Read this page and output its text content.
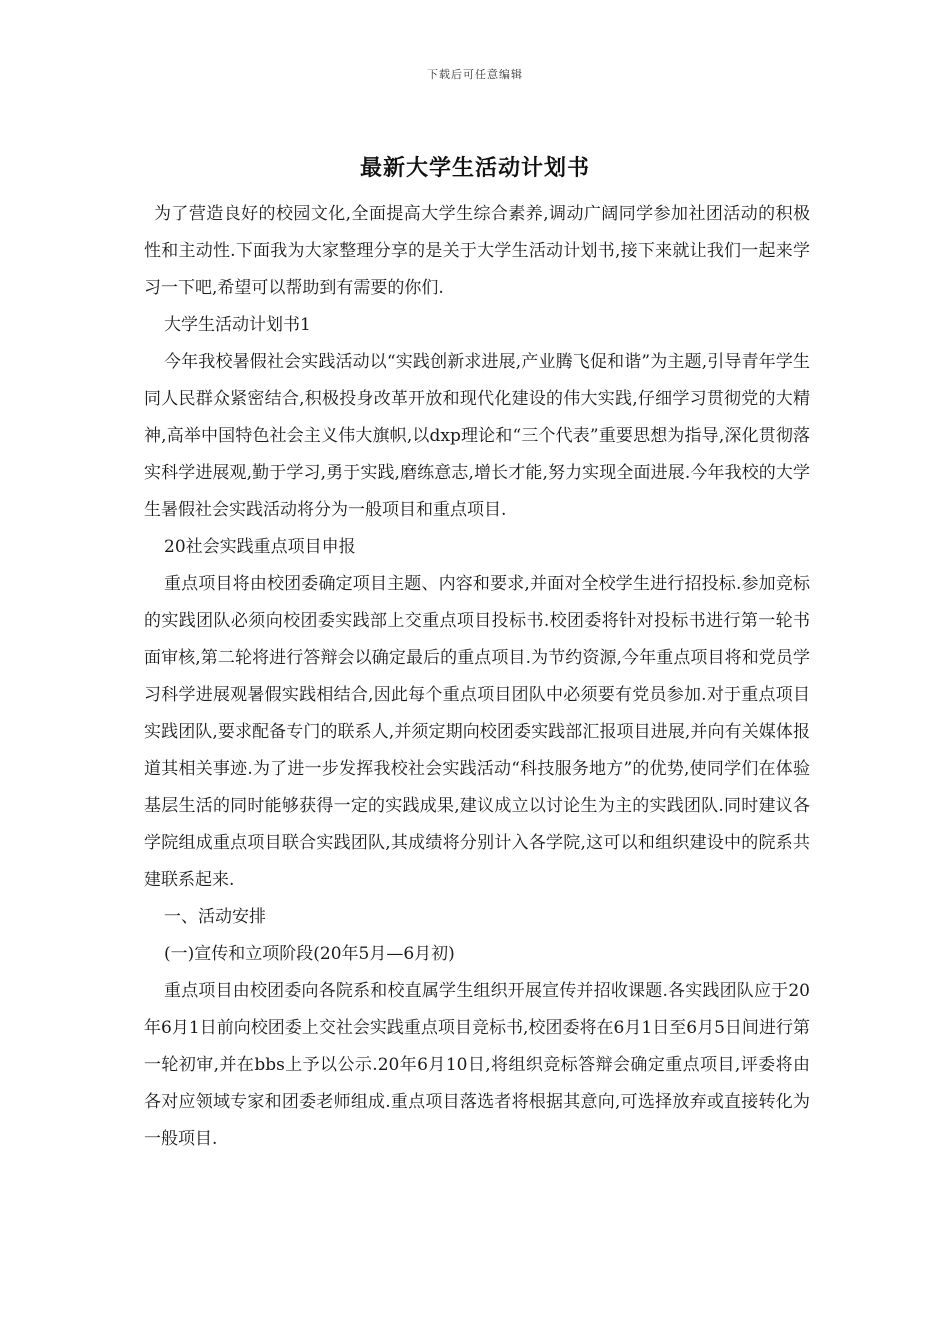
下载后可任意编辑
最新大学生活动计划书

为了营造良好的校园文化,全面提高大学生综合素养,调动广阔同学参加社团活动的积极性和主动性.下面我为大家整理分享的是关于大学生活动计划书,接下来就让我们一起来学习一下吧,希望可以帮助到有需要的你们.

大学生活动计划书1

今年我校暑假社会实践活动以“实践创新求进展,产业腾飞促和谐”为主题,引导青年学生同人民群众紧密结合,积极投身改革开放和现代化建设的伟大实践,仔细学习贯彻党的大精神,高举中国特色社会主义伟大旗帜,以dxp理论和“三个代表”重要思想为指导,深化贯彻落实科学进展观,勤于学习,勇于实践,磨练意志,增长才能,努力实现全面进展.今年我校的大学生暑假社会实践活动将分为一般项目和重点项目.

20社会实践重点项目申报

重点项目将由校团委确定项目主题、内容和要求,并面对全校学生进行招投标.参加竞标的实践团队必须向校团委实践部上交重点项目投标书.校团委将针对投标书进行第一轮书面审核,第二轮将进行答辩会以确定最后的重点项目.为节约资源,今年重点项目将和党员学习科学进展观暑假实践相结合,因此每个重点项目团队中必须要有党员参加.对于重点项目实践团队,要求配备专门的联系人,并须定期向校团委实践部汇报项目进展,并向有关媒体报道其相关事迹.为了进一步发挥我校社会实践活动“科技服务地方”的优势,使同学们在体验基层生活的同时能够获得一定的实践成果,建议成立以讨论生为主的实践团队.同时建议各学院组成重点项目联合实践团队,其成绩将分别计入各学院,这可以和组织建设中的院系共建联系起来.

一、活动安排

(一)宣传和立项阶段(20年5月—6月初)

重点项目由校团委向各院系和校直属学生组织开展宣传并招收课题.各实践团队应于20年6月1日前向校团委上交社会实践重点项目竞标书,校团委将在6月1日至6月5日间进行第一轮初审,并在bbs上予以公示.20年6月10日,将组织竞标答辩会确定重点项目,评委将由各对应领域专家和团委老师组成.重点项目落选者将根据其意向,可选择放弃或直接转化为一般项目.
